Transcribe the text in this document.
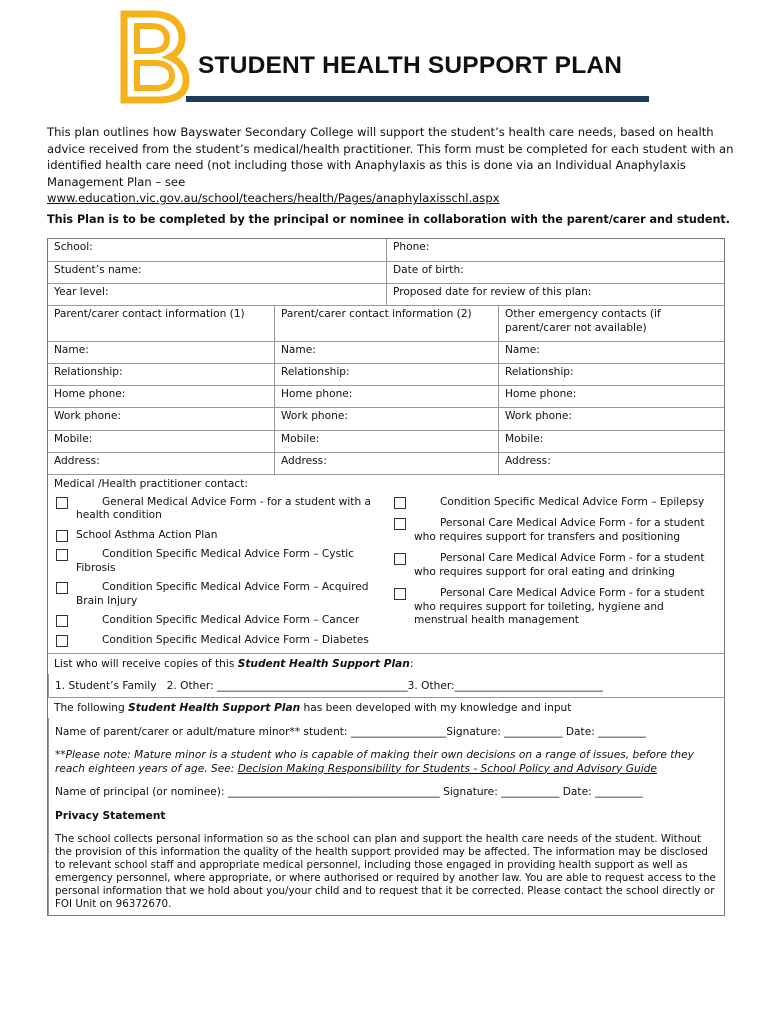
STUDENT HEALTH SUPPORT PLAN
This plan outlines how Bayswater Secondary College will support the student’s health care needs, based on health advice received from the student’s medical/health practitioner. This form must be completed for each student with an identified health care need (not including those with Anaphylaxis as this is done via an Individual Anaphylaxis Management Plan – see
www.education.vic.gov.au/school/teachers/health/Pages/anaphylaxisschl.aspx
This Plan is to be completed by the principal or nominee in collaboration with the parent/carer and student.
School:	Phone:
Student’s name:	Date of birth:
Year level:	Proposed date for review of this plan:
Parent/carer contact information (1)	Parent/carer contact information (2)	Other emergency contacts (if parent/carer not available)
Name:	Name:	Name:
Relationship:	Relationship:	Relationship:
Home phone:	Home phone:	Home phone:
Work phone:	Work phone:	Work phone:
Mobile:	Mobile:	Mobile:
Address:	Address:	Address:
Medical /Health practitioner contact:
General Medical Advice Form - for a student with a health condition
School Asthma Action Plan
Condition Specific Medical Advice Form – Cystic Fibrosis
Condition Specific Medical Advice Form – Acquired Brain Injury
Condition Specific Medical Advice Form – Cancer
Condition Specific Medical Advice Form – Diabetes
Condition Specific Medical Advice Form – Epilepsy
Personal Care Medical Advice Form - for a student who requires support for transfers and positioning
Personal Care Medical Advice Form - for a student who requires support for oral eating and drinking
Personal Care Medical Advice Form - for a student who requires support for toileting, hygiene and menstrual health management
List who will receive copies of this Student Health Support Plan:
1. Student’s Family 2. Other: ____________________________________3. Other:____________________________
The following Student Health Support Plan has been developed with my knowledge and input
Name of parent/carer or adult/mature minor** student: __________________Signature: ___________ Date: _________
**Please note: Mature minor is a student who is capable of making their own decisions on a range of issues, before they reach eighteen years of age. See: Decision Making Responsibility for Students - School Policy and Advisory Guide
Name of principal (or nominee): ________________________________________ Signature: ___________ Date: _________
Privacy Statement
The school collects personal information so as the school can plan and support the health care needs of the student. Without the provision of this information the quality of the health support provided may be affected. The information may be disclosed to relevant school staff and appropriate medical personnel, including those engaged in providing health support as well as emergency personnel, where appropriate, or where authorised or required by another law. You are able to request access to the personal information that we hold about you/your child and to request that it be corrected. Please contact the school directly or FOI Unit on 96372670.
